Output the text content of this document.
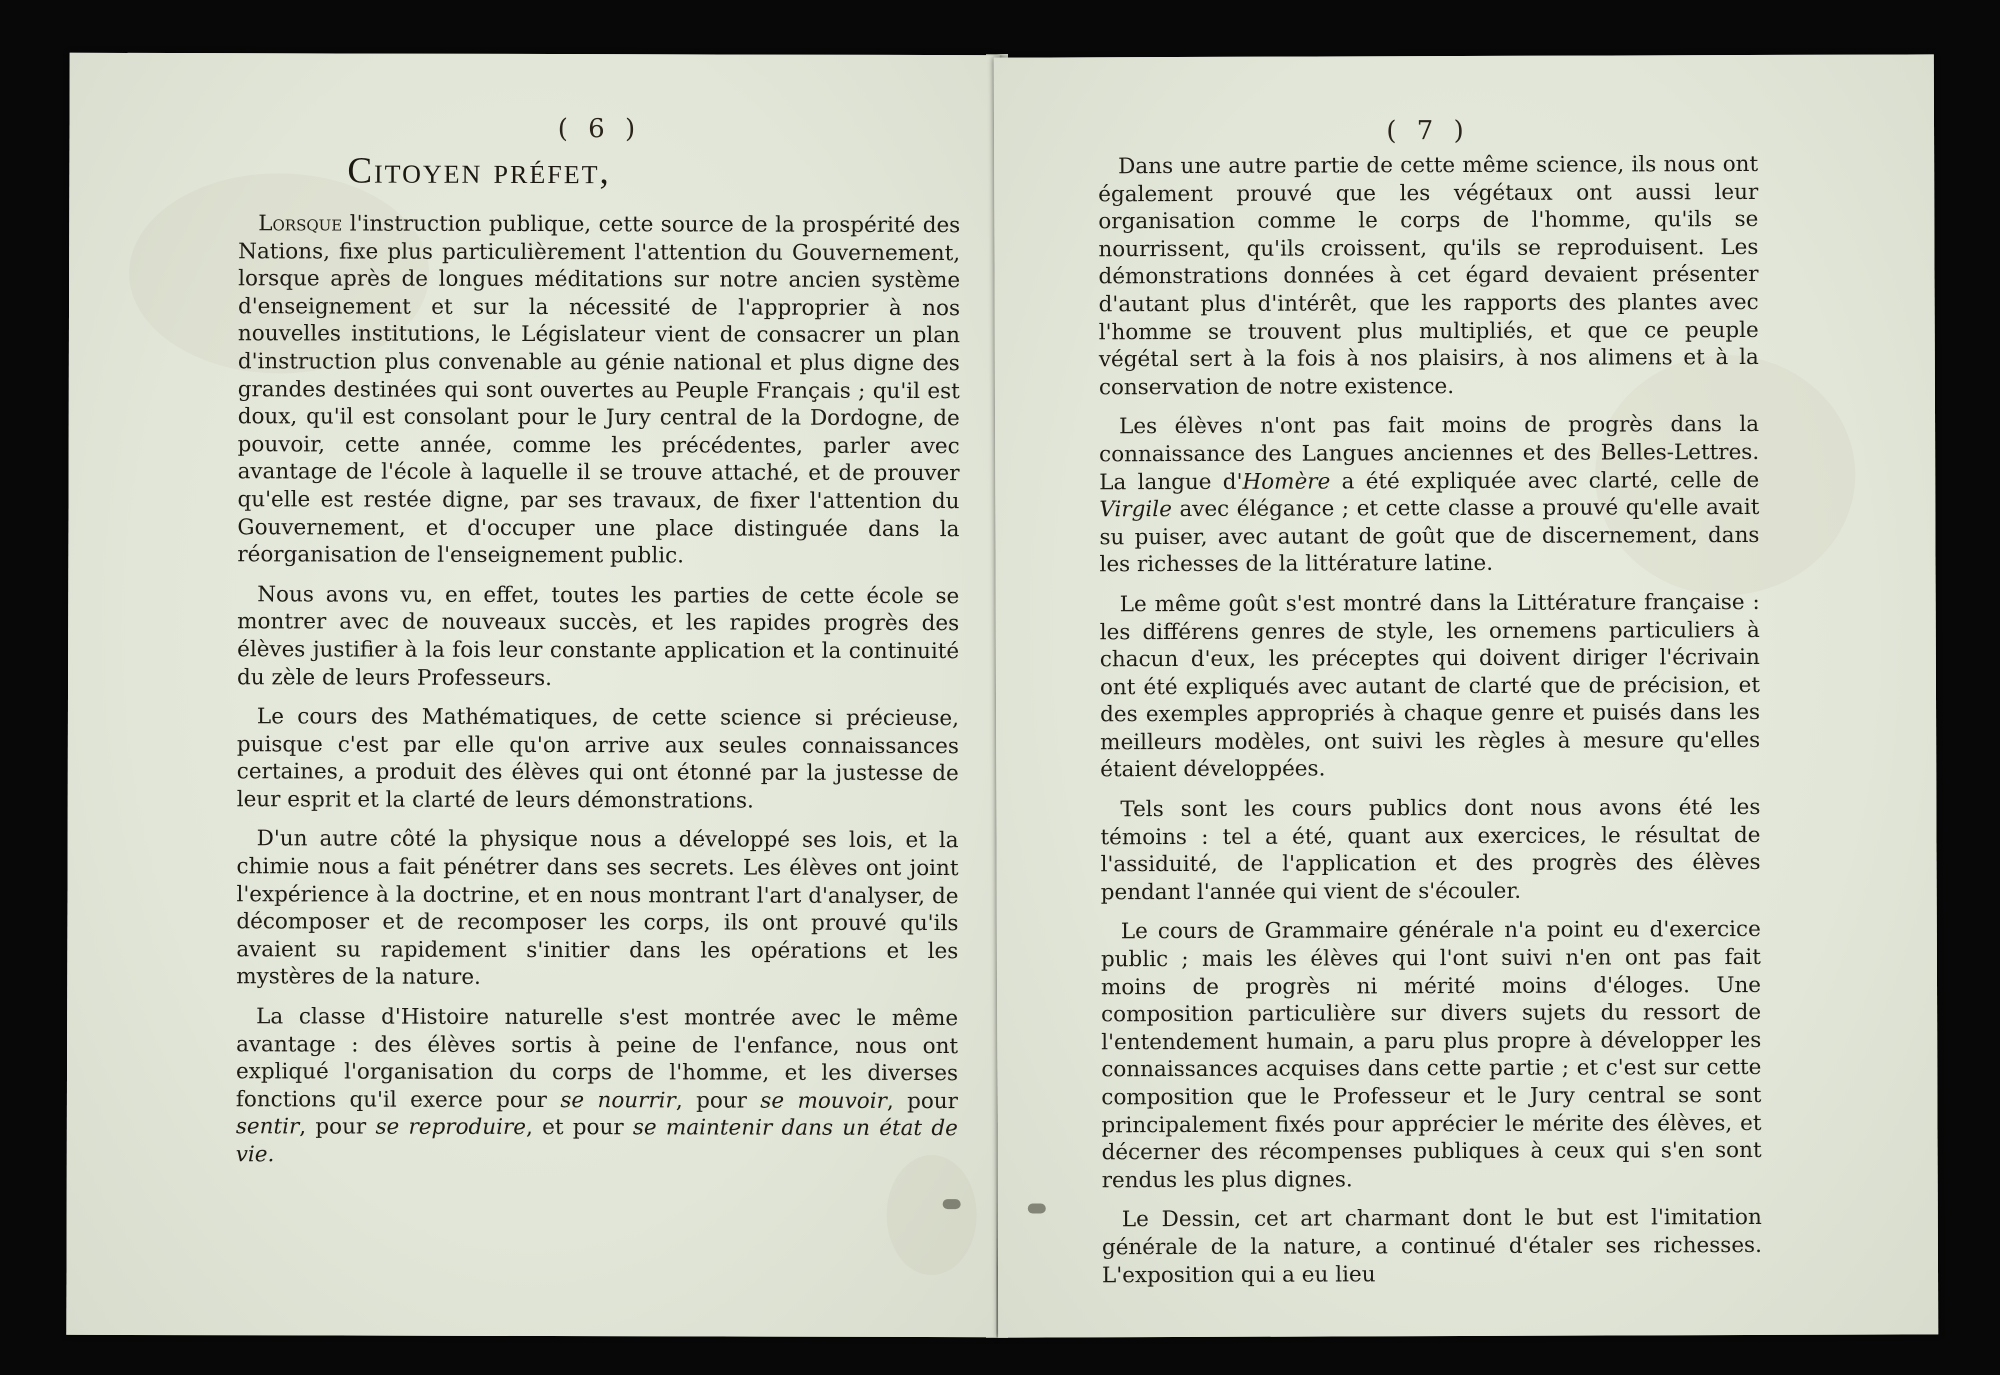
( 6 )
Citoyen préfet,

Lorsque l'instruction publique, cette source de la prospérité des Nations, fixe plus particulièrement l'attention du Gouvernement, lorsque après de longues méditations sur notre ancien système d'enseignement et sur la nécessité de l'approprier à nos nouvelles institutions, le Législateur vient de consacrer un plan d'instruction plus convenable au génie national et plus digne des grandes destinées qui sont ouvertes au Peuple Français ; qu'il est doux, qu'il est consolant pour le Jury central de la Dordogne, de pouvoir, cette année, comme les précédentes, parler avec avantage de l'école à laquelle il se trouve attaché, et de prouver qu'elle est restée digne, par ses travaux, de fixer l'attention du Gouvernement, et d'occuper une place distinguée dans la réorganisation de l'enseignement public.

Nous avons vu, en effet, toutes les parties de cette école se montrer avec de nouveaux succès, et les rapides progrès des élèves justifier à la fois leur constante application et la continuité du zèle de leurs Professeurs.

Le cours des Mathématiques, de cette science si précieuse, puisque c'est par elle qu'on arrive aux seules connaissances certaines, a produit des élèves qui ont étonné par la justesse de leur esprit et la clarté de leurs démonstrations.

D'un autre côté la physique nous a développé ses lois, et la chimie nous a fait pénétrer dans ses secrets. Les élèves ont joint l'expérience à la doctrine, et en nous montrant l'art d'analyser, de décomposer et de recomposer les corps, ils ont prouvé qu'ils avaient su rapidement s'initier dans les opérations et les mystères de la nature.

La classe d'Histoire naturelle s'est montrée avec le même avantage : des élèves sortis à peine de l'enfance, nous ont expliqué l'organisation du corps de l'homme, et les diverses fonctions qu'il exerce pour se nourrir, pour se mouvoir, pour sentir, pour se reproduire, et pour se maintenir dans un état de vie.

( 7 )

Dans une autre partie de cette même science, ils nous ont également prouvé que les végétaux ont aussi leur organisation comme le corps de l'homme, qu'ils se nourrissent, qu'ils croissent, qu'ils se reproduisent. Les démonstrations données à cet égard devaient présenter d'autant plus d'intérêt, que les rapports des plantes avec l'homme se trouvent plus multipliés, et que ce peuple végétal sert à la fois à nos plaisirs, à nos alimens et à la conservation de notre existence.

Les élèves n'ont pas fait moins de progrès dans la connaissance des Langues anciennes et des Belles-Lettres. La langue d'Homère a été expliquée avec clarté, celle de Virgile avec élégance ; et cette classe a prouvé qu'elle avait su puiser, avec autant de goût que de discernement, dans les richesses de la littérature latine.

Le même goût s'est montré dans la Littérature française : les différens genres de style, les ornemens particuliers à chacun d'eux, les préceptes qui doivent diriger l'écrivain ont été expliqués avec autant de clarté que de précision, et des exemples appropriés à chaque genre et puisés dans les meilleurs modèles, ont suivi les règles à mesure qu'elles étaient développées.

Tels sont les cours publics dont nous avons été les témoins : tel a été, quant aux exercices, le résultat de l'assiduité, de l'application et des progrès des élèves pendant l'année qui vient de s'écouler.

Le cours de Grammaire générale n'a point eu d'exercice public ; mais les élèves qui l'ont suivi n'en ont pas fait moins de progrès ni mérité moins d'éloges. Une composition particulière sur divers sujets du ressort de l'entendement humain, a paru plus propre à développer les connaissances acquises dans cette partie ; et c'est sur cette composition que le Professeur et le Jury central se sont principalement fixés pour apprécier le mérite des élèves, et décerner des récompenses publiques à ceux qui s'en sont rendus les plus dignes.

Le Dessin, cet art charmant dont le but est l'imitation générale de la nature, a continué d'étaler ses richesses. L'exposition qui a eu lieu
